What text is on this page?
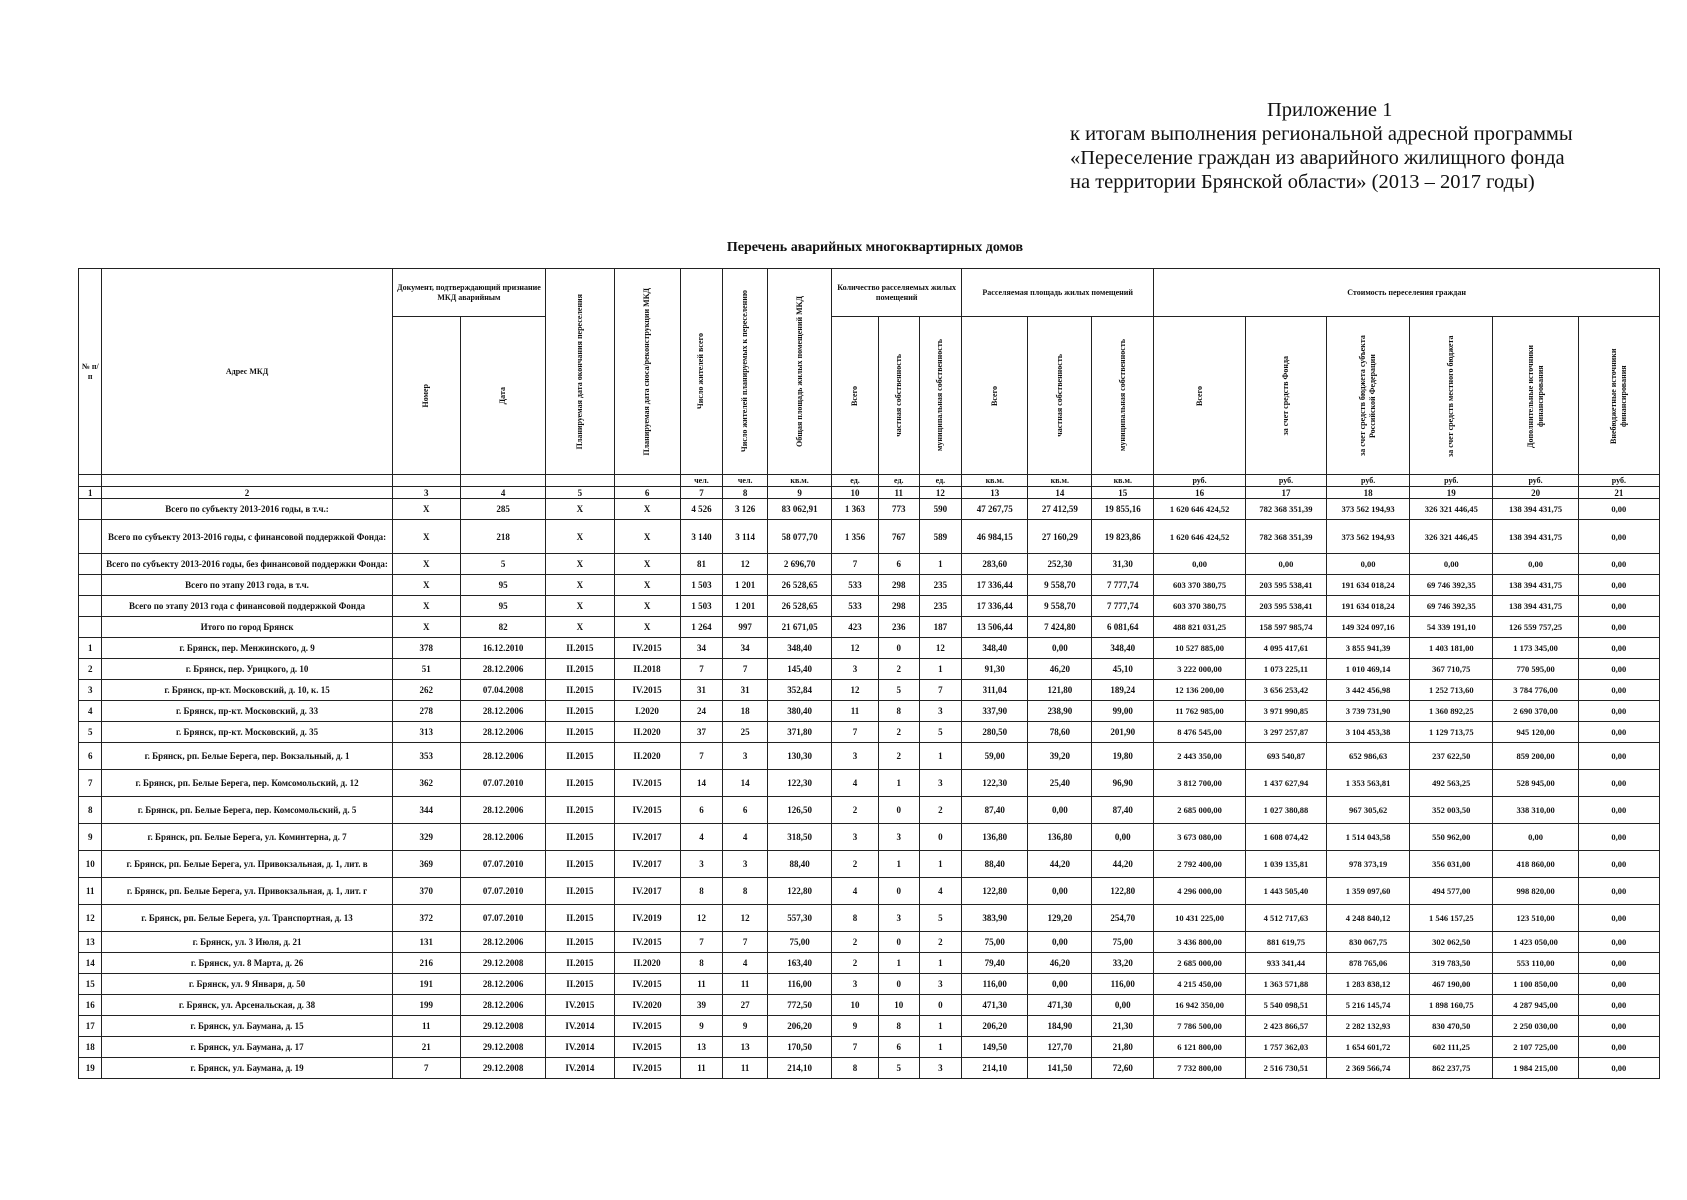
Приложение 1
к итогам выполнения региональной адресной программы
«Переселение граждан из аварийного жилищного фонда
на территории Брянской области» (2013 – 2017 годы)
Перечень аварийных многоквартирных домов
№ п/п	Адрес МКД	Документ, подтверждающий признание МКД аварийным		Планируемая дата окончания переселения	Планируемая дата сноса/реконструкции МКД	Число жителей всего	Число жителей планируемых к переселению	Общая площадь жилых помещений МКД	Количество расселяемых жилых помещений			Расселяемая площадь жилых помещений			Стоимость переселения граждан					

		Номер	Дата						Всего	частная собственность	муниципальная собственность	Всего	частная собственность	муниципальная собственность	Всего	за счет средств Фонда	за счет средств бюджета субъекта Российской Федерации	за счет средств местного бюджета	Дополнительные источники финансирования	Внебюджетные источники финансирования

						чел.	чел.	кв.м.	ед.	ед.	ед.	кв.м.	кв.м.	кв.м.	руб.	руб.	руб.	руб.	руб.	руб.
1	2	3	4	5	6	7	8	9	10	11	12	13	14	15	16	17	18	19	20	21
	Всего по субъекту 2013-2016 годы, в т.ч.:	X	285	X	X	4 526	3 126	83 062,91	1 363	773	590	47 267,75	27 412,59	19 855,16	1 620 646 424,52	782 368 351,39	373 562 194,93	326 321 446,45	138 394 431,75	0,00
	Всего по субъекту 2013-2016 годы, с финансовой поддержкой Фонда:	X	218	X	X	3 140	3 114	58 077,70	1 356	767	589	46 984,15	27 160,29	19 823,86	1 620 646 424,52	782 368 351,39	373 562 194,93	326 321 446,45	138 394 431,75	0,00
	Всего по субъекту 2013-2016 годы, без финансовой поддержки Фонда:	X	5	X	X	81	12	2 696,70	7	6	1	283,60	252,30	31,30	0,00	0,00	0,00	0,00	0,00	0,00
	Всего по этапу 2013 года, в т.ч.	X	95	X	X	1 503	1 201	26 528,65	533	298	235	17 336,44	9 558,70	7 777,74	603 370 380,75	203 595 538,41	191 634 018,24	69 746 392,35	138 394 431,75	0,00
	Всего по этапу 2013 года с финансовой поддержкой Фонда	X	95	X	X	1 503	1 201	26 528,65	533	298	235	17 336,44	9 558,70	7 777,74	603 370 380,75	203 595 538,41	191 634 018,24	69 746 392,35	138 394 431,75	0,00
	Итого по город Брянск	X	82	X	X	1 264	997	21 671,05	423	236	187	13 506,44	7 424,80	6 081,64	488 821 031,25	158 597 985,74	149 324 097,16	54 339 191,10	126 559 757,25	0,00
1	г. Брянск, пер. Менжинского, д. 9	378	16.12.2010	II.2015	IV.2015	34	34	348,40	12	0	12	348,40	0,00	348,40	10 527 885,00	4 095 417,61	3 855 941,39	1 403 181,00	1 173 345,00	0,00
2	г. Брянск, пер. Урицкого, д. 10	51	28.12.2006	II.2015	II.2018	7	7	145,40	3	2	1	91,30	46,20	45,10	3 222 000,00	1 073 225,11	1 010 469,14	367 710,75	770 595,00	0,00
3	г. Брянск, пр-кт. Московский, д. 10, к. 15	262	07.04.2008	II.2015	IV.2015	31	31	352,84	12	5	7	311,04	121,80	189,24	12 136 200,00	3 656 253,42	3 442 456,98	1 252 713,60	3 784 776,00	0,00
4	г. Брянск, пр-кт. Московский, д. 33	278	28.12.2006	II.2015	I.2020	24	18	380,40	11	8	3	337,90	238,90	99,00	11 762 985,00	3 971 990,85	3 739 731,90	1 360 892,25	2 690 370,00	0,00
5	г. Брянск, пр-кт. Московский, д. 35	313	28.12.2006	II.2015	II.2020	37	25	371,80	7	2	5	280,50	78,60	201,90	8 476 545,00	3 297 257,87	3 104 453,38	1 129 713,75	945 120,00	0,00
6	г. Брянск, рп. Белые Берега, пер. Вокзальный, д. 1	353	28.12.2006	II.2015	II.2020	7	3	130,30	3	2	1	59,00	39,20	19,80	2 443 350,00	693 540,87	652 986,63	237 622,50	859 200,00	0,00
7	г. Брянск, рп. Белые Берега, пер. Комсомольский, д. 12	362	07.07.2010	II.2015	IV.2015	14	14	122,30	4	1	3	122,30	25,40	96,90	3 812 700,00	1 437 627,94	1 353 563,81	492 563,25	528 945,00	0,00
8	г. Брянск, рп. Белые Берега, пер. Комсомольский, д. 5	344	28.12.2006	II.2015	IV.2015	6	6	126,50	2	0	2	87,40	0,00	87,40	2 685 000,00	1 027 380,88	967 305,62	352 003,50	338 310,00	0,00
9	г. Брянск, рп. Белые Берега, ул. Коминтерна, д. 7	329	28.12.2006	II.2015	IV.2017	4	4	318,50	3	3	0	136,80	136,80	0,00	3 673 080,00	1 608 074,42	1 514 043,58	550 962,00	0,00	0,00
10	г. Брянск, рп. Белые Берега, ул. Привокзальная, д. 1, лит. в	369	07.07.2010	II.2015	IV.2017	3	3	88,40	2	1	1	88,40	44,20	44,20	2 792 400,00	1 039 135,81	978 373,19	356 031,00	418 860,00	0,00
11	г. Брянск, рп. Белые Берега, ул. Привокзальная, д. 1, лит. г	370	07.07.2010	II.2015	IV.2017	8	8	122,80	4	0	4	122,80	0,00	122,80	4 296 000,00	1 443 505,40	1 359 097,60	494 577,00	998 820,00	0,00
12	г. Брянск, рп. Белые Берега, ул. Транспортная, д. 13	372	07.07.2010	II.2015	IV.2019	12	12	557,30	8	3	5	383,90	129,20	254,70	10 431 225,00	4 512 717,63	4 248 840,12	1 546 157,25	123 510,00	0,00
13	г. Брянск, ул. 3 Июля, д. 21	131	28.12.2006	II.2015	IV.2015	7	7	75,00	2	0	2	75,00	0,00	75,00	3 436 800,00	881 619,75	830 067,75	302 062,50	1 423 050,00	0,00
14	г. Брянск, ул. 8 Марта, д. 26	216	29.12.2008	II.2015	II.2020	8	4	163,40	2	1	1	79,40	46,20	33,20	2 685 000,00	933 341,44	878 765,06	319 783,50	553 110,00	0,00
15	г. Брянск, ул. 9 Января, д. 50	191	28.12.2006	II.2015	IV.2015	11	11	116,00	3	0	3	116,00	0,00	116,00	4 215 450,00	1 363 571,88	1 283 838,12	467 190,00	1 100 850,00	0,00
16	г. Брянск, ул. Арсенальская, д. 38	199	28.12.2006	IV.2015	IV.2020	39	27	772,50	10	10	0	471,30	471,30	0,00	16 942 350,00	5 540 098,51	5 216 145,74	1 898 160,75	4 287 945,00	0,00
17	г. Брянск, ул. Баумана, д. 15	11	29.12.2008	IV.2014	IV.2015	9	9	206,20	9	8	1	206,20	184,90	21,30	7 786 500,00	2 423 866,57	2 282 132,93	830 470,50	2 250 030,00	0,00
18	г. Брянск, ул. Баумана, д. 17	21	29.12.2008	IV.2014	IV.2015	13	13	170,50	7	6	1	149,50	127,70	21,80	6 121 800,00	1 757 362,03	1 654 601,72	602 111,25	2 107 725,00	0,00
19	г. Брянск, ул. Баумана, д. 19	7	29.12.2008	IV.2014	IV.2015	11	11	214,10	8	5	3	214,10	141,50	72,60	7 732 800,00	2 516 730,51	2 369 566,74	862 237,75	1 984 215,00	0,00
